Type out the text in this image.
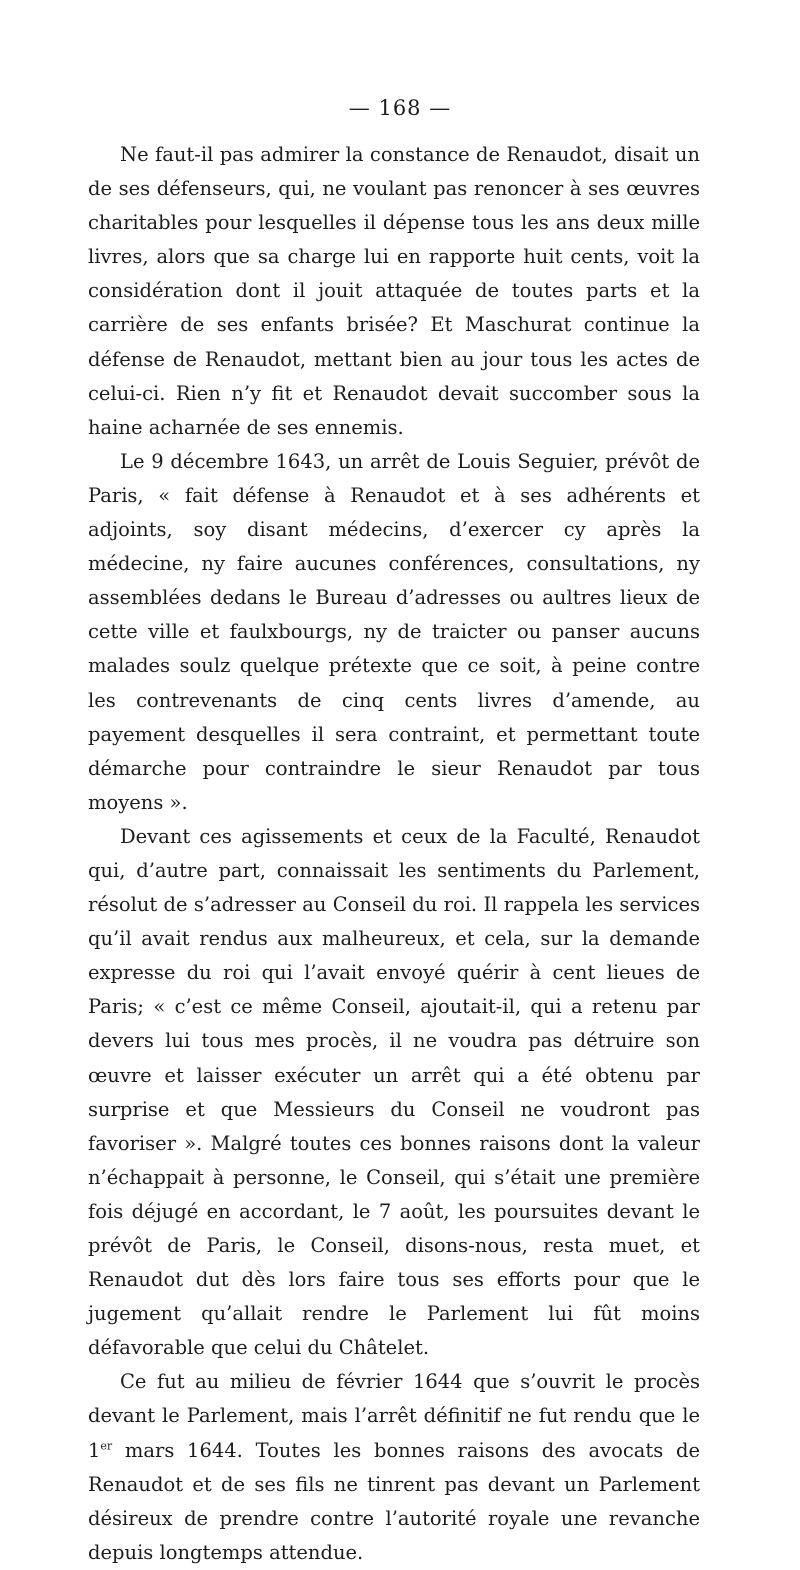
— 168 —

Ne faut-il pas admirer la constance de Renaudot, disait un de ses défenseurs, qui, ne voulant pas renoncer à ses œuvres charitables pour lesquelles il dépense tous les ans deux mille livres, alors que sa charge lui en rapporte huit cents, voit la considération dont il jouit attaquée de toutes parts et la carrière de ses enfants brisée? Et Maschurat continue la défense de Renaudot, mettant bien au jour tous les actes de celui-ci. Rien n’y fit et Renaudot devait succomber sous la haine acharnée de ses ennemis.

Le 9 décembre 1643, un arrêt de Louis Seguier, prévôt de Paris, « fait défense à Renaudot et à ses adhérents et adjoints, soy disant médecins, d’exercer cy après la médecine, ny faire aucunes conférences, consultations, ny assemblées dedans le Bureau d’adresses ou aultres lieux de cette ville et faulxbourgs, ny de traicter ou panser aucuns malades soulz quelque prétexte que ce soit, à peine contre les contrevenants de cinq cents livres d’amende, au payement desquelles il sera contraint, et permettant toute démarche pour contraindre le sieur Renaudot par tous moyens ».

Devant ces agissements et ceux de la Faculté, Renaudot qui, d’autre part, connaissait les sentiments du Parlement, résolut de s’adresser au Conseil du roi. Il rappela les services qu’il avait rendus aux malheureux, et cela, sur la demande expresse du roi qui l’avait envoyé quérir à cent lieues de Paris; « c’est ce même Conseil, ajoutait-il, qui a retenu par devers lui tous mes procès, il ne voudra pas détruire son œuvre et laisser exécuter un arrêt qui a été obtenu par surprise et que Messieurs du Conseil ne voudront pas favoriser ». Malgré toutes ces bonnes raisons dont la valeur n’échappait à personne, le Conseil, qui s’était une première fois déjugé en accordant, le 7 août, les poursuites devant le prévôt de Paris, le Conseil, disons-nous, resta muet, et Renaudot dut dès lors faire tous ses efforts pour que le jugement qu’allait rendre le Parlement lui fût moins défavorable que celui du Châtelet.

Ce fut au milieu de février 1644 que s’ouvrit le procès devant le Parlement, mais l’arrêt définitif ne fut rendu que le 1er mars 1644. Toutes les bonnes raisons des avocats de Renaudot et de ses fils ne tinrent pas devant un Parlement désireux de prendre contre l’autorité royale une revanche depuis longtemps attendue.
